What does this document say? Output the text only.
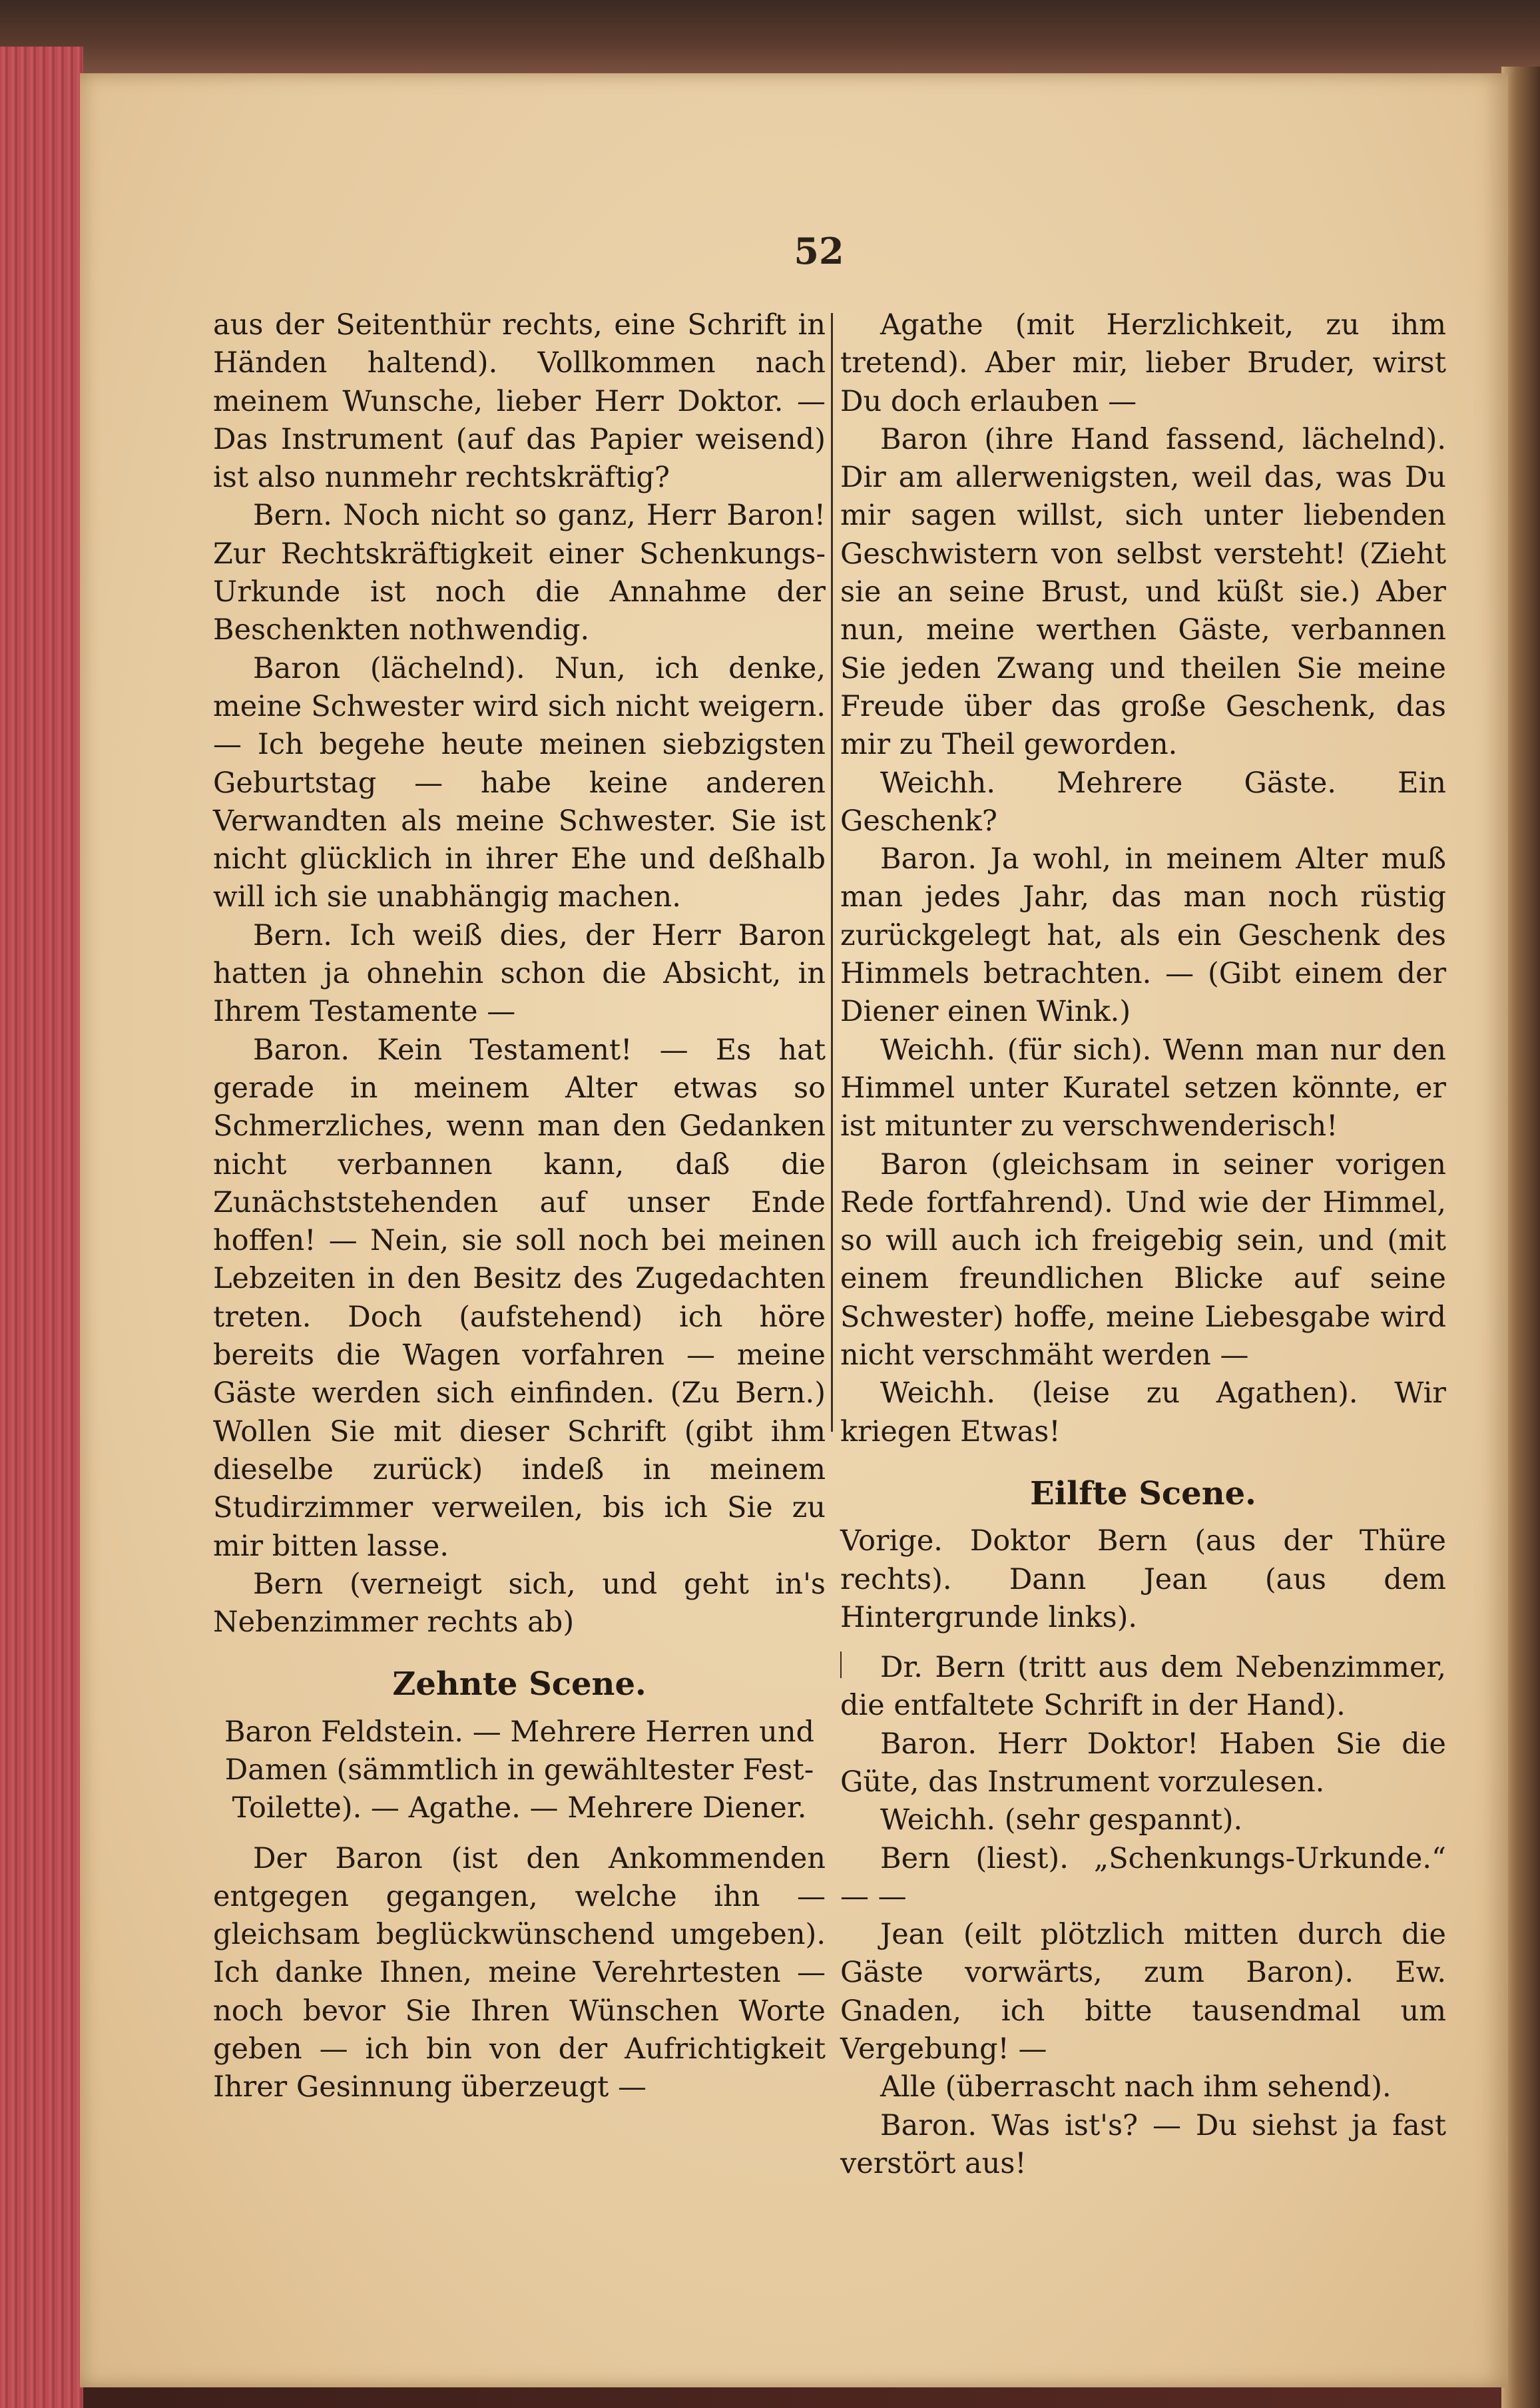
52

aus der Seitenthür rechts, eine Schrift in Händen haltend). Vollkommen nach meinem Wunsche, lieber Herr Doktor. — Das Instrument (auf das Papier weisend) ist also nunmehr rechtskräftig?

Bern. Noch nicht so ganz, Herr Baron! Zur Rechtskräftigkeit einer Schenkungs-Urkunde ist noch die Annahme der Beschenkten nothwendig.

Baron (lächelnd). Nun, ich denke, meine Schwester wird sich nicht weigern. — Ich begehe heute meinen siebzigsten Geburtstag — habe keine anderen Verwandten als meine Schwester. Sie ist nicht glücklich in ihrer Ehe und deßhalb will ich sie unabhängig machen.

Bern. Ich weiß dies, der Herr Baron hatten ja ohnehin schon die Absicht, in Ihrem Testamente —

Baron. Kein Testament! — Es hat gerade in meinem Alter etwas so Schmerzliches, wenn man den Gedanken nicht verbannen kann, daß die Zunächststehenden auf unser Ende hoffen! — Nein, sie soll noch bei meinen Lebzeiten in den Besitz des Zugedachten treten. Doch (aufstehend) ich höre bereits die Wagen vorfahren — meine Gäste werden sich einfinden. (Zu Bern.) Wollen Sie mit dieser Schrift (gibt ihm dieselbe zurück) indeß in meinem Studirzimmer verweilen, bis ich Sie zu mir bitten lasse.

Bern (verneigt sich, und geht in's Nebenzimmer rechts ab)

Zehnte Scene.

Baron Feldstein. — Mehrere Herren und Damen (sämmtlich in gewähltester Fest-Toilette). — Agathe. — Mehrere Diener.

Der Baron (ist den Ankommenden entgegen gegangen, welche ihn — gleichsam beglückwünschend umgeben). Ich danke Ihnen, meine Verehrtesten — noch bevor Sie Ihren Wünschen Worte geben — ich bin von der Aufrichtigkeit Ihrer Gesinnung überzeugt —

Agathe (mit Herzlichkeit, zu ihm tretend). Aber mir, lieber Bruder, wirst Du doch erlauben —

Baron (ihre Hand fassend, lächelnd). Dir am allerwenigsten, weil das, was Du mir sagen willst, sich unter liebenden Geschwistern von selbst versteht! (Zieht sie an seine Brust, und küßt sie.) Aber nun, meine werthen Gäste, verbannen Sie jeden Zwang und theilen Sie meine Freude über das große Geschenk, das mir zu Theil geworden.

Weichh. Mehrere Gäste. Ein Geschenk?

Baron. Ja wohl, in meinem Alter muß man jedes Jahr, das man noch rüstig zurückgelegt hat, als ein Geschenk des Himmels betrachten. — (Gibt einem der Diener einen Wink.)

Weichh. (für sich). Wenn man nur den Himmel unter Kuratel setzen könnte, er ist mitunter zu verschwenderisch!

Baron (gleichsam in seiner vorigen Rede fortfahrend). Und wie der Himmel, so will auch ich freigebig sein, und (mit einem freundlichen Blicke auf seine Schwester) hoffe, meine Liebesgabe wird nicht verschmäht werden —

Weichh. (leise zu Agathen). Wir kriegen Etwas!

Eilfte Scene.

Vorige. Doktor Bern (aus der Thüre rechts). Dann Jean (aus dem Hintergrunde links).

Dr. Bern (tritt aus dem Nebenzimmer, die entfaltete Schrift in der Hand).

Baron. Herr Doktor! Haben Sie die Güte, das Instrument vorzulesen.

Weichh. (sehr gespannt).

Bern (liest). „Schenkungs-Urkunde.“ — —

Jean (eilt plötzlich mitten durch die Gäste vorwärts, zum Baron). Ew. Gnaden, ich bitte tausendmal um Vergebung! —

Alle (überrascht nach ihm sehend).

Baron. Was ist's? — Du siehst ja fast verstört aus!
